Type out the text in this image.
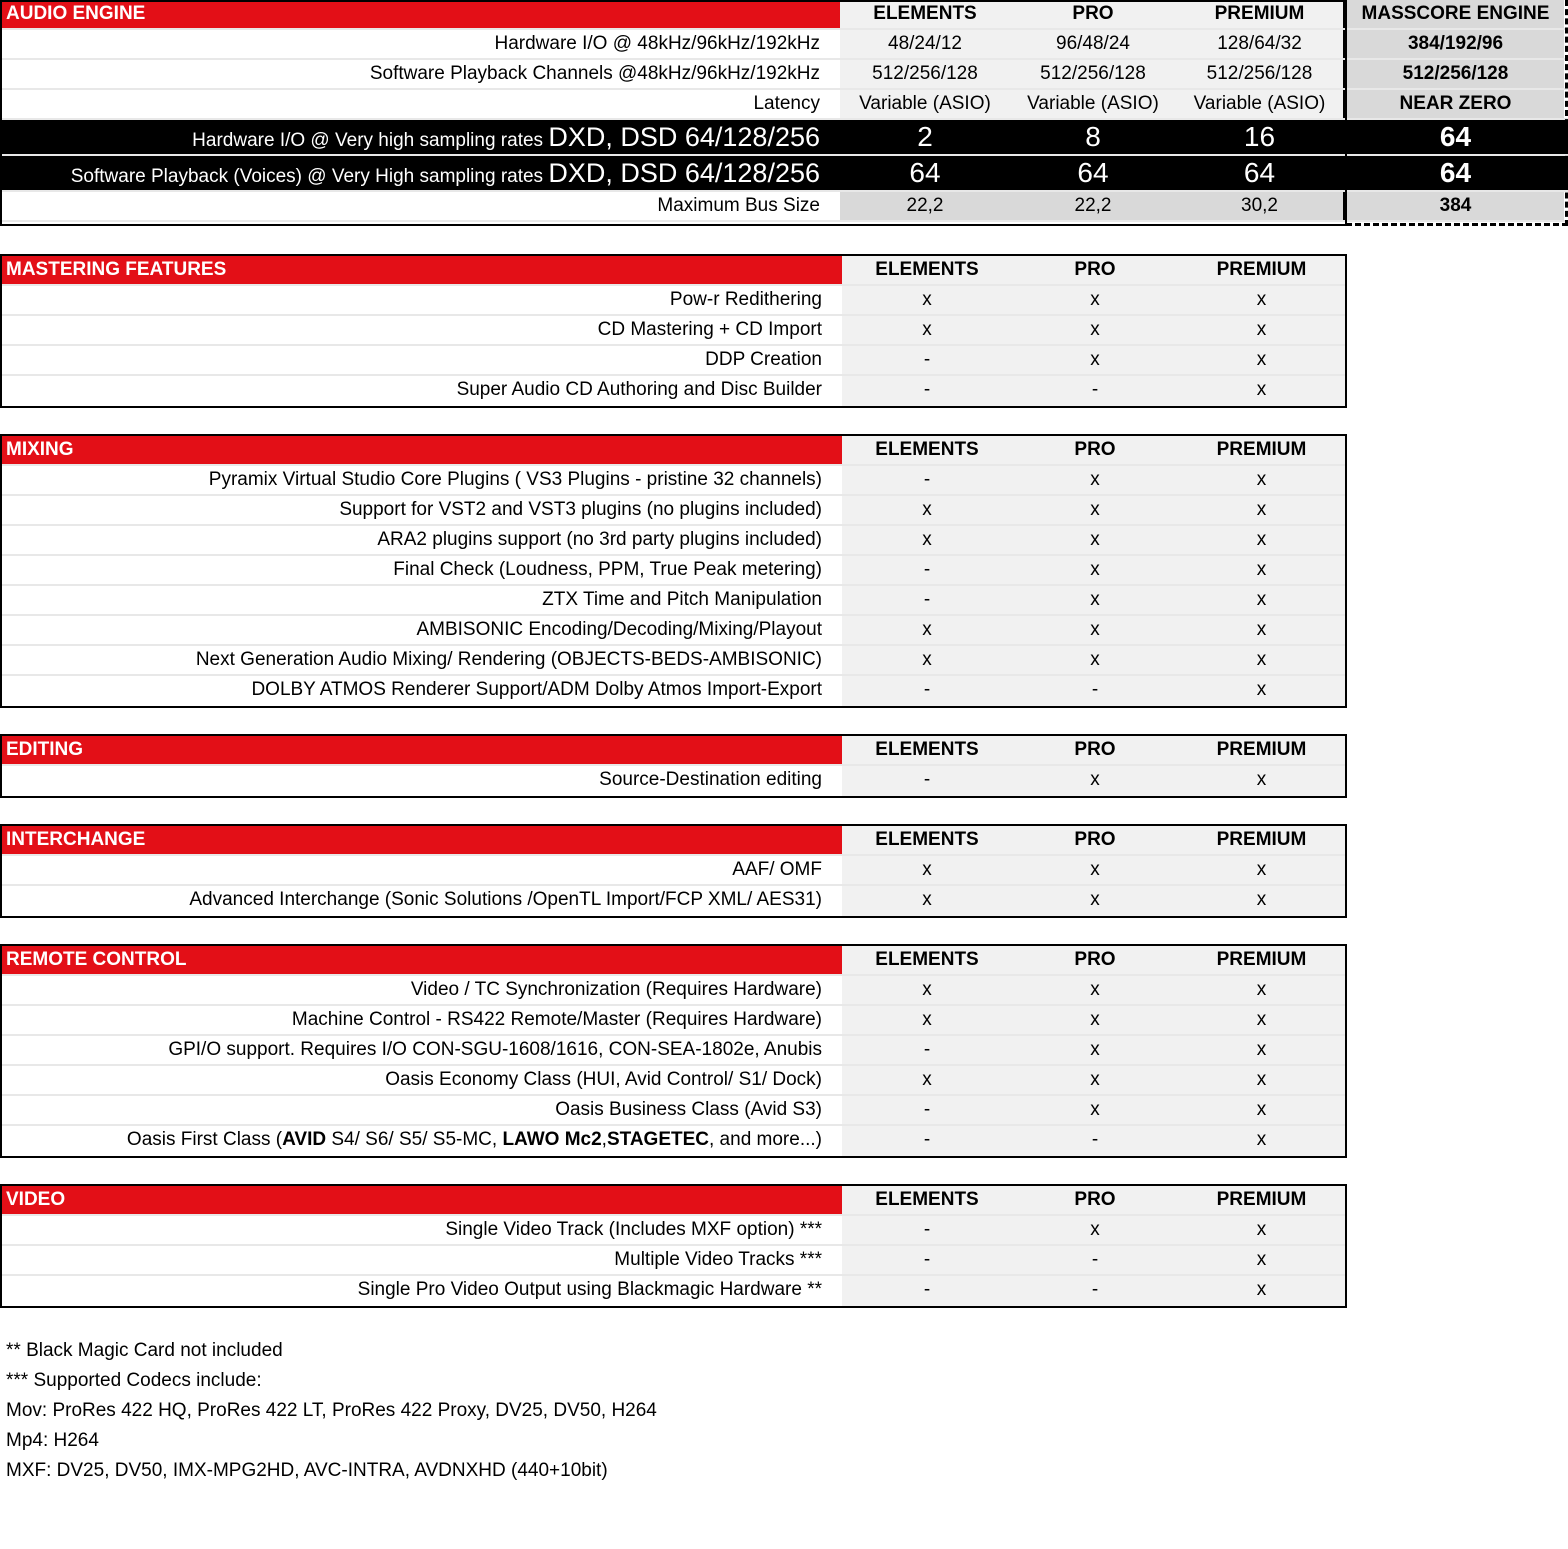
AUDIO ENGINE	ELEMENTS	PRO	PREMIUM	MASSCORE ENGINE
Hardware I/O @ 48kHz/96kHz/192kHz	48/24/12	96/48/24	128/64/32	384/192/96
Software Playback Channels @48kHz/96kHz/192kHz	512/256/128	512/256/128	512/256/128	512/256/128
Latency	Variable (ASIO)	Variable (ASIO)	Variable (ASIO)	NEAR ZERO
Hardware I/O @ Very high sampling rates DXD, DSD 64/128/256	2	8	16	64
Software Playback (Voices) @ Very High sampling rates DXD, DSD 64/128/256	64	64	64	64
Maximum Bus Size	22,2	22,2	30,2	384
MASTERING FEATURES	ELEMENTS	PRO	PREMIUM
Pow-r Redithering	x	x	x
CD Mastering + CD Import	x	x	x
DDP Creation	-	x	x
Super Audio CD Authoring and Disc Builder	-	-	x
MIXING	ELEMENTS	PRO	PREMIUM
Pyramix Virtual Studio Core Plugins ( VS3 Plugins - pristine 32 channels)	-	x	x
Support for VST2 and VST3 plugins (no plugins included)	x	x	x
ARA2 plugins support (no 3rd party plugins included)	x	x	x
Final Check (Loudness, PPM, True Peak metering)	-	x	x
ZTX Time and Pitch Manipulation	-	x	x
AMBISONIC Encoding/Decoding/Mixing/Playout	x	x	x
Next Generation Audio Mixing/ Rendering (OBJECTS-BEDS-AMBISONIC)	x	x	x
DOLBY ATMOS Renderer Support/ADM Dolby Atmos Import-Export	-	-	x
EDITING	ELEMENTS	PRO	PREMIUM
Source-Destination editing	-	x	x
INTERCHANGE	ELEMENTS	PRO	PREMIUM
AAF/ OMF	x	x	x
Advanced Interchange (Sonic Solutions /OpenTL Import/FCP XML/ AES31)	x	x	x
REMOTE CONTROL	ELEMENTS	PRO	PREMIUM
Video / TC Synchronization (Requires Hardware)	x	x	x
Machine Control - RS422 Remote/Master (Requires Hardware)	x	x	x
GPI/O support. Requires I/O CON-SGU-1608/1616, CON-SEA-1802e, Anubis	-	x	x
Oasis Economy Class (HUI, Avid Control/ S1/ Dock)	x	x	x
Oasis Business Class (Avid S3)	-	x	x
Oasis First Class (AVID S4/ S6/ S5/ S5-MC, LAWO Mc2,STAGETEC, and more...)	-	-	x
VIDEO	ELEMENTS	PRO	PREMIUM
Single Video Track (Includes MXF option) ***	-	x	x
Multiple Video Tracks ***	-	-	x
Single Pro Video Output using Blackmagic Hardware **	-	-	x
** Black Magic Card not included
*** Supported Codecs include:
Mov: ProRes 422 HQ, ProRes 422 LT, ProRes 422 Proxy, DV25, DV50, H264
Mp4: H264
MXF: DV25, DV50, IMX-MPG2HD, AVC-INTRA, AVDNXHD (440+10bit)
